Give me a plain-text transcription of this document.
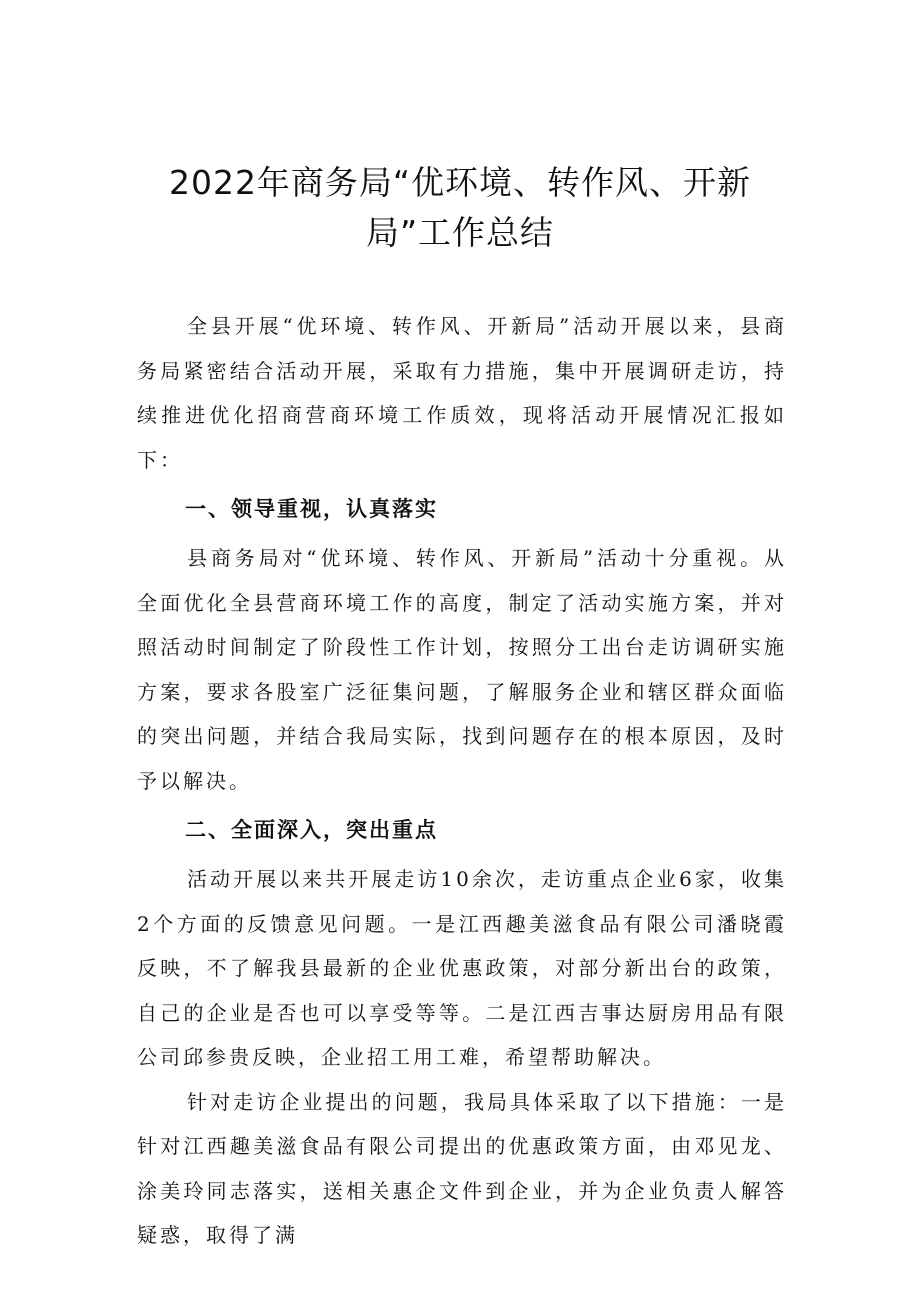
2022年商务局“优环境、转作风、开新
局”工作总结

全县开展“优环境、转作风、开新局”活动开展以来，县商务局紧密结合活动开展，采取有力措施，集中开展调研走访，持续推进优化招商营商环境工作质效，现将活动开展情况汇报如下：

一、领导重视，认真落实

县商务局对“优环境、转作风、开新局”活动十分重视。从全面优化全县营商环境工作的高度，制定了活动实施方案，并对照活动时间制定了阶段性工作计划，按照分工出台走访调研实施方案，要求各股室广泛征集问题，了解服务企业和辖区群众面临的突出问题，并结合我局实际，找到问题存在的根本原因，及时予以解决。

二、全面深入，突出重点

活动开展以来共开展走访10余次，走访重点企业6家，收集2个方面的反馈意见问题。一是江西趣美滋食品有限公司潘晓霞反映，不了解我县最新的企业优惠政策，对部分新出台的政策，自己的企业是否也可以享受等等。二是江西吉事达厨房用品有限公司邱参贵反映，企业招工用工难，希望帮助解决。

针对走访企业提出的问题，我局具体采取了以下措施：一是针对江西趣美滋食品有限公司提出的优惠政策方面，由邓见龙、涂美玲同志落实，送相关惠企文件到企业，并为企业负责人解答疑惑，取得了满
